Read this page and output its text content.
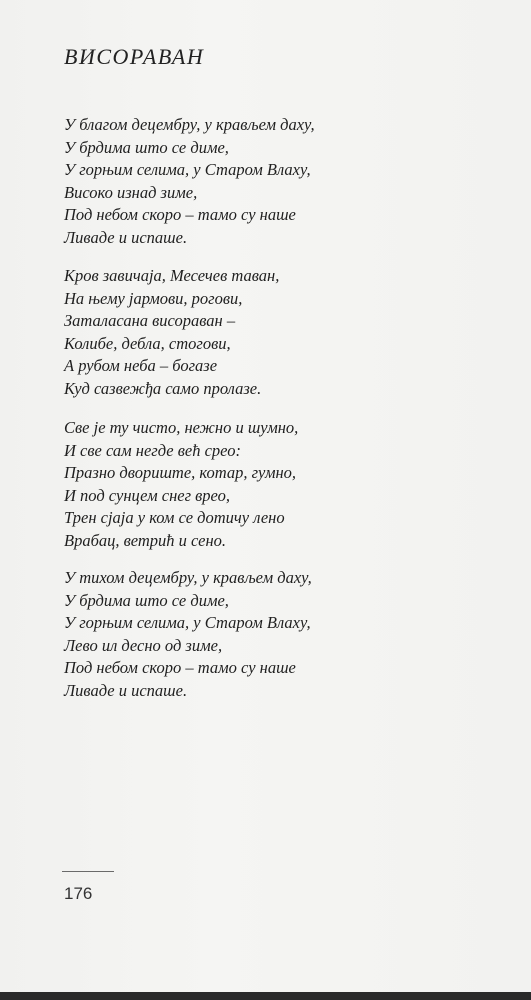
ВИСОРАВАН
У благом децембру, у крављем даху,
У брдима што се диме,
У горњим селима, у Старом Влаху,
Високо изнад зиме,
Под небом скоро – тамо су наше
Ливаде и испаше.
Кров завичаја, Месечев таван,
На њему јармови, рогови,
Заталасана висораван –
Колибе, дебла, стогови,
А рубом неба – богазе
Куд сазвежђа само пролазе.
Све је ту чисто, нежно и шумно,
И све сам негде већ срео:
Празно двориште, котар, гумно,
И под сунцем снег врео,
Трен сјаја у ком се дотичу лено
Врабац, ветрић и сено.
У тихом децембру, у крављем даху,
У брдима што се диме,
У горњим селима, у Старом Влаху,
Лево ил десно од зиме,
Под небом скоро – тамо су наше
Ливаде и испаше.
176
